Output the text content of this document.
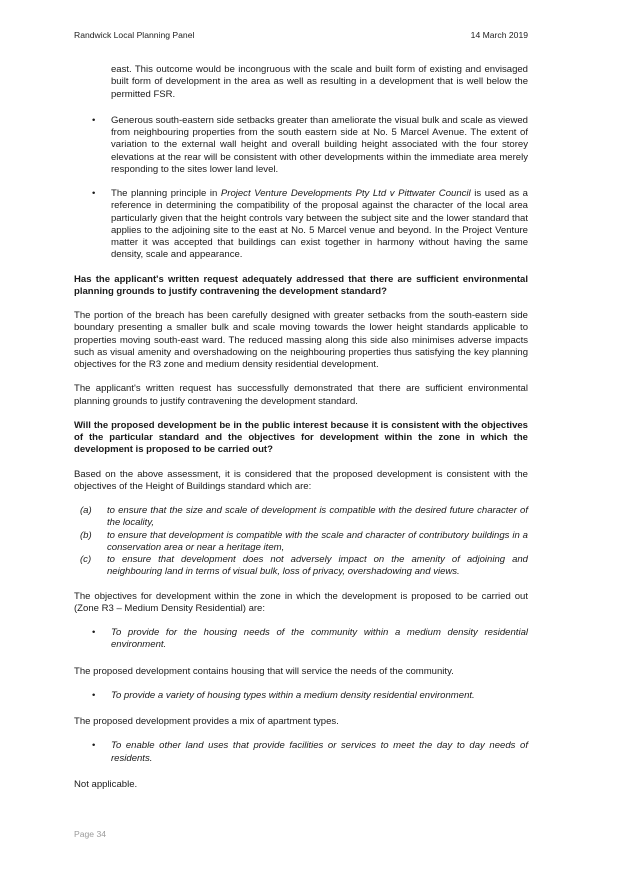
Randwick Local Planning Panel	14 March 2019
east. This outcome would be incongruous with the scale and built form of existing and envisaged built form of development in the area as well as resulting in a development that is well below the permitted FSR.
• Generous south-eastern side setbacks greater than ameliorate the visual bulk and scale as viewed from neighbouring properties from the south eastern side at No. 5 Marcel Avenue. The extent of variation to the external wall height and overall building height associated with the four storey elevations at the rear will be consistent with other developments within the immediate area merely responding to the sites lower land level.
• The planning principle in Project Venture Developments Pty Ltd v Pittwater Council is used as a reference in determining the compatibility of the proposal against the character of the local area particularly given that the height controls vary between the subject site and the lower standard that applies to the adjoining site to the east at No. 5 Marcel venue and beyond. In the Project Venture matter it was accepted that buildings can exist together in harmony without having the same density, scale and appearance.
Has the applicant's written request adequately addressed that there are sufficient environmental planning grounds to justify contravening the development standard?

The portion of the breach has been carefully designed with greater setbacks from the south-eastern side boundary presenting a smaller bulk and scale moving towards the lower height standards applicable to properties moving south-east ward. The reduced massing along this side also minimises adverse impacts such as visual amenity and overshadowing on the neighbouring properties thus satisfying the key planning objectives for the R3 zone and medium density residential development.

The applicant's written request has successfully demonstrated that there are sufficient environmental planning grounds to justify contravening the development standard.

Will the proposed development be in the public interest because it is consistent with the objectives of the particular standard and the objectives for development within the zone in which the development is proposed to be carried out?

Based on the above assessment, it is considered that the proposed development is consistent with the objectives of the Height of Buildings standard which are:

(a) to ensure that the size and scale of development is compatible with the desired future character of the locality,
(b) to ensure that development is compatible with the scale and character of contributory buildings in a conservation area or near a heritage item,
(c) to ensure that development does not adversely impact on the amenity of adjoining and neighbouring land in terms of visual bulk, loss of privacy, overshadowing and views.

The objectives for development within the zone in which the development is proposed to be carried out (Zone R3 – Medium Density Residential) are:

• To provide for the housing needs of the community within a medium density residential environment.

The proposed development contains housing that will service the needs of the community.

• To provide a variety of housing types within a medium density residential environment.

The proposed development provides a mix of apartment types.

• To enable other land uses that provide facilities or services to meet the day to day needs of residents.

Not applicable.

Page 34
